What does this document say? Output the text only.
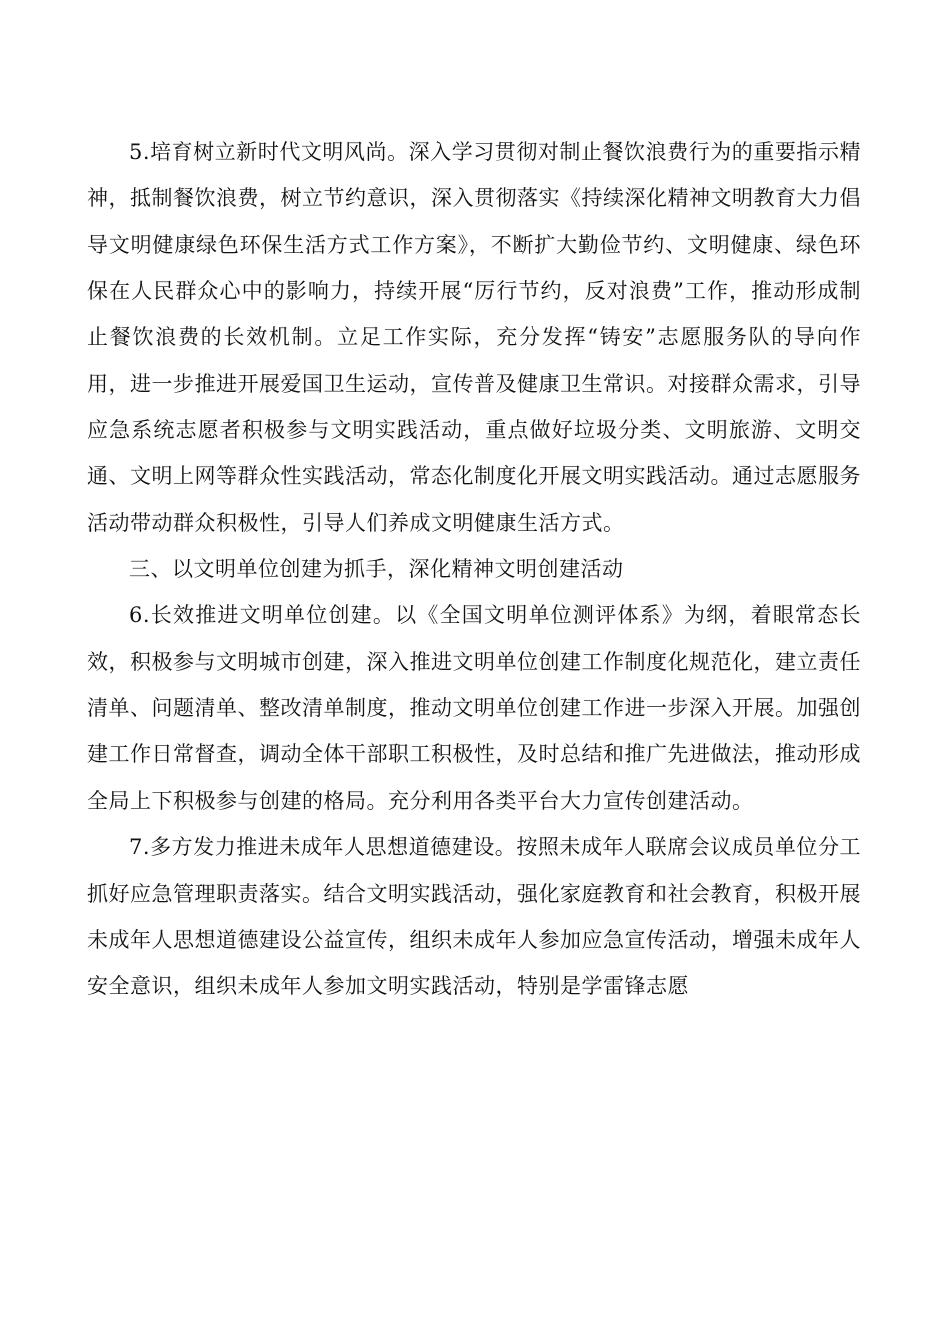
5.培育树立新时代文明风尚。深入学习贯彻对制止餐饮浪费行为的重要指示精神，抵制餐饮浪费，树立节约意识，深入贯彻落实《持续深化精神文明教育大力倡导文明健康绿色环保生活方式工作方案》，不断扩大勤俭节约、文明健康、绿色环保在人民群众心中的影响力，持续开展“厉行节约，反对浪费”工作，推动形成制止餐饮浪费的长效机制。立足工作实际，充分发挥“铸安”志愿服务队的导向作用，进一步推进开展爱国卫生运动，宣传普及健康卫生常识。对接群众需求，引导应急系统志愿者积极参与文明实践活动，重点做好垃圾分类、文明旅游、文明交通、文明上网等群众性实践活动，常态化制度化开展文明实践活动。通过志愿服务活动带动群众积极性，引导人们养成文明健康生活方式。

三、以文明单位创建为抓手，深化精神文明创建活动

6.长效推进文明单位创建。以《全国文明单位测评体系》为纲，着眼常态长效，积极参与文明城市创建，深入推进文明单位创建工作制度化规范化，建立责任清单、问题清单、整改清单制度，推动文明单位创建工作进一步深入开展。加强创建工作日常督查，调动全体干部职工积极性，及时总结和推广先进做法，推动形成全局上下积极参与创建的格局。充分利用各类平台大力宣传创建活动。

7.多方发力推进未成年人思想道德建设。按照未成年人联席会议成员单位分工抓好应急管理职责落实。结合文明实践活动，强化家庭教育和社会教育，积极开展未成年人思想道德建设公益宣传，组织未成年人参加应急宣传活动，增强未成年人安全意识，组织未成年人参加文明实践活动，特别是学雷锋志愿
